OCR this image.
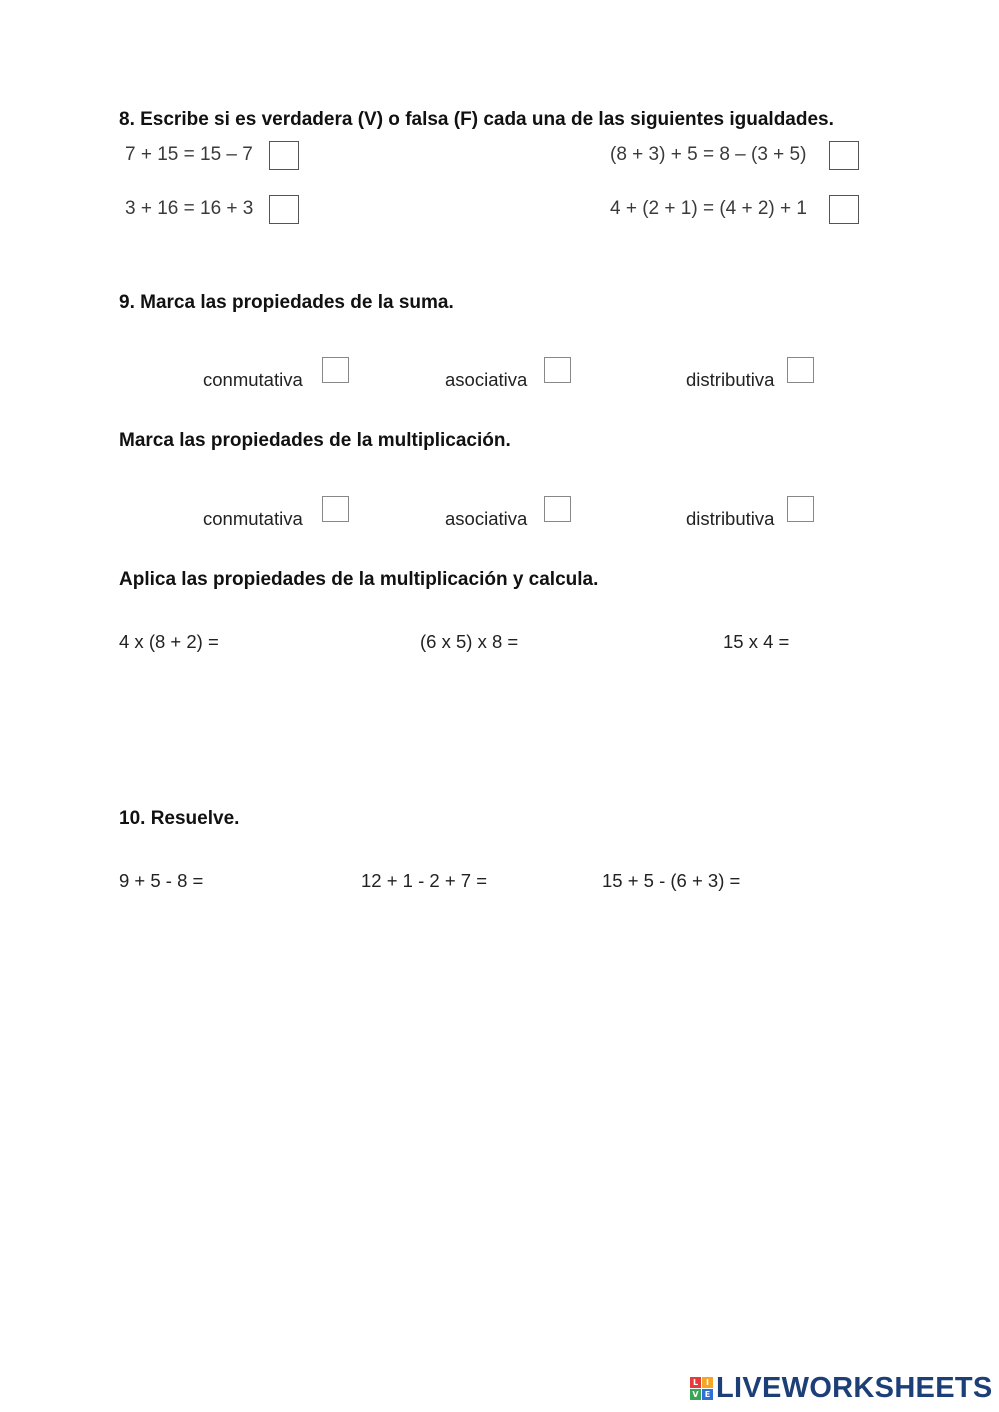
8. Escribe si es verdadera (V) o falsa (F) cada una de las siguientes igualdades.
7 + 15 = 15 – 7	(8 + 3) + 5 = 8 – (3 + 5)
3 + 16 = 16 + 3	4 + (2 + 1) = (4 + 2) + 1
9. Marca las propiedades de la suma.
conmutativa	asociativa	distributiva
Marca las propiedades de la multiplicación.
conmutativa	asociativa	distributiva
Aplica las propiedades de la multiplicación y calcula.
4 x (8 + 2) =	(6 x 5) x 8 =	15 x 4 =
10. Resuelve.
9 + 5 - 8 =	12 + 1 - 2 + 7 =	15 + 5 - (6 + 3) =
L I
V E LIVEWORKSHEETS
